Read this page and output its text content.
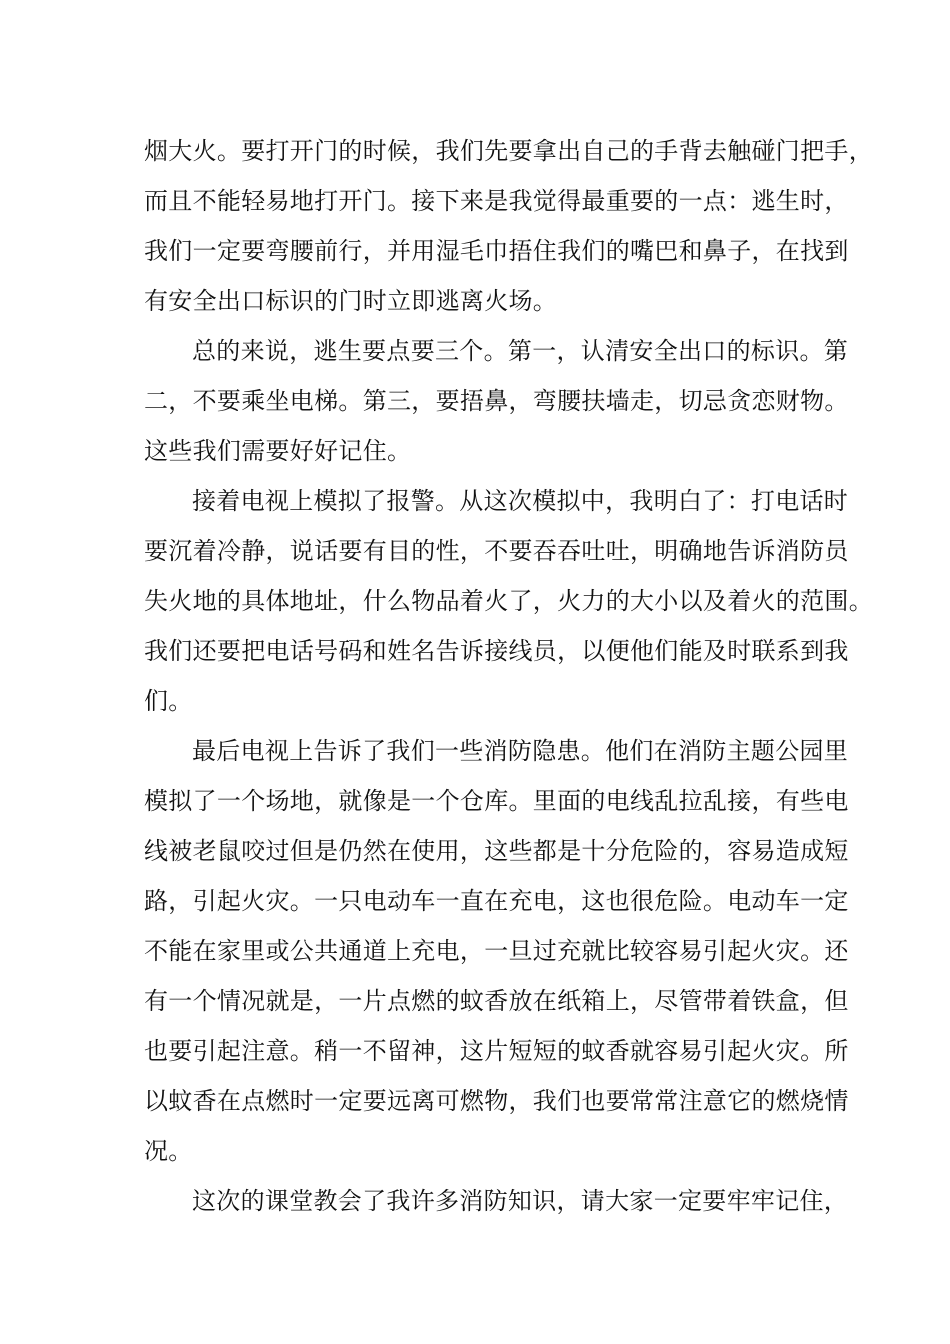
烟大火。要打开门的时候，我们先要拿出自己的手背去触碰门把手，
而且不能轻易地打开门。接下来是我觉得最重要的一点：逃生时，
我们一定要弯腰前行，并用湿毛巾捂住我们的嘴巴和鼻子，在找到
有安全出口标识的门时立即逃离火场。
总的来说，逃生要点要三个。第一，认清安全出口的标识。第
二，不要乘坐电梯。第三，要捂鼻，弯腰扶墙走，切忌贪恋财物。
这些我们需要好好记住。
接着电视上模拟了报警。从这次模拟中，我明白了：打电话时
要沉着冷静，说话要有目的性，不要吞吞吐吐，明确地告诉消防员
失火地的具体地址，什么物品着火了，火力的大小以及着火的范围。
我们还要把电话号码和姓名告诉接线员，以便他们能及时联系到我
们。
最后电视上告诉了我们一些消防隐患。他们在消防主题公园里
模拟了一个场地，就像是一个仓库。里面的电线乱拉乱接，有些电
线被老鼠咬过但是仍然在使用，这些都是十分危险的，容易造成短
路，引起火灾。一只电动车一直在充电，这也很危险。电动车一定
不能在家里或公共通道上充电，一旦过充就比较容易引起火灾。还
有一个情况就是，一片点燃的蚊香放在纸箱上，尽管带着铁盒，但
也要引起注意。稍一不留神，这片短短的蚊香就容易引起火灾。所
以蚊香在点燃时一定要远离可燃物，我们也要常常注意它的燃烧情
况。
这次的课堂教会了我许多消防知识，请大家一定要牢牢记住，
